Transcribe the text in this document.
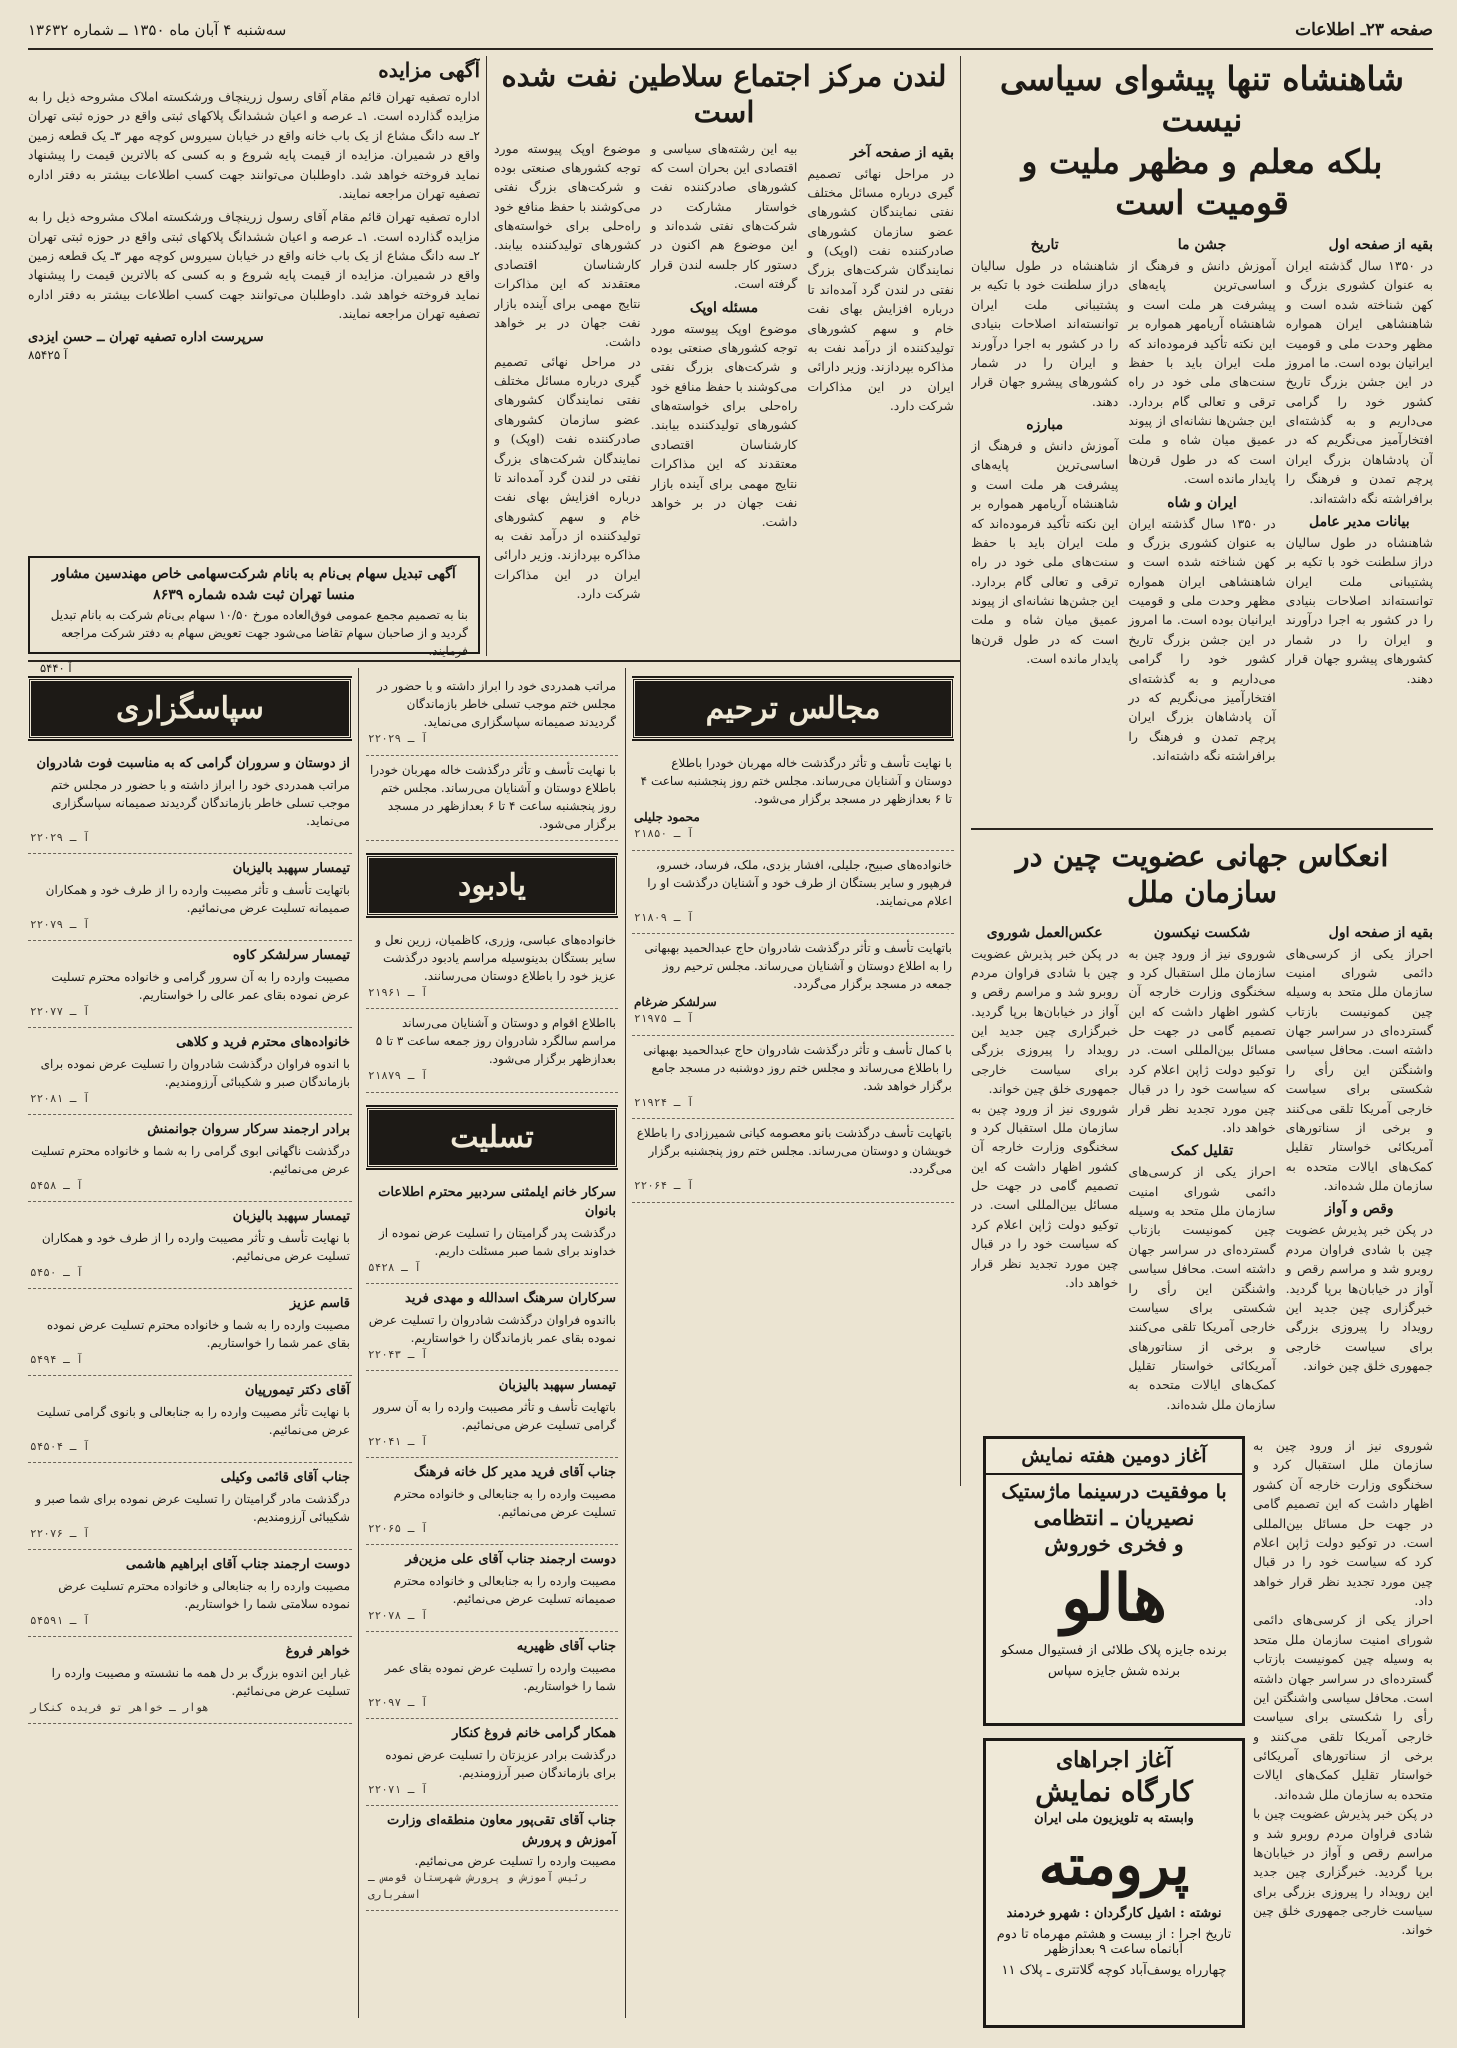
صفحه ۲۳ـ اطلاعات
سه‌شنبه ۴ آبان ماه ۱۳۵۰ ــ شماره ۱۳۶۳۲
شاهنشاه تنها پیشوای سیاسی نیست
بلکه معلم و مظهر ملیت و قومیت است
بقیه از صفحه اول
در ۱۳۵۰ سال گذشته ایران به عنوان کشوری بزرگ و کهن شناخته شده است و شاهنشاهی ایران همواره مظهر وحدت ملی و قومیت ایرانیان بوده است. ما امروز در این جشن بزرگ تاریخ کشور خود را گرامی می‌داریم و به گذشته‌ای افتخارآمیز می‌نگریم که در آن پادشاهان بزرگ ایران پرچم تمدن و فرهنگ را برافراشته نگه داشته‌اند.
بیانات مدیر عامل
شاهنشاه در طول سالیان دراز سلطنت خود با تکیه بر پشتیبانی ملت ایران توانسته‌اند اصلاحات بنیادی را در کشور به اجرا درآورند و ایران را در شمار کشورهای پیشرو جهان قرار دهند.
جشن ما
آموزش دانش و فرهنگ از اساسی‌ترین پایه‌های پیشرفت هر ملت است و شاهنشاه آریامهر همواره بر این نکته تأکید فرموده‌اند که ملت ایران باید با حفظ سنت‌های ملی خود در راه ترقی و تعالی گام بردارد. این جشن‌ها نشانه‌ای از پیوند عمیق میان شاه و ملت است که در طول قرن‌ها پایدار مانده است.
ایران و شاه
در ۱۳۵۰ سال گذشته ایران به عنوان کشوری بزرگ و کهن شناخته شده است و شاهنشاهی ایران همواره مظهر وحدت ملی و قومیت ایرانیان بوده است. ما امروز در این جشن بزرگ تاریخ کشور خود را گرامی می‌داریم و به گذشته‌ای افتخارآمیز می‌نگریم که در آن پادشاهان بزرگ ایران پرچم تمدن و فرهنگ را برافراشته نگه داشته‌اند.
تاریخ
شاهنشاه در طول سالیان دراز سلطنت خود با تکیه بر پشتیبانی ملت ایران توانسته‌اند اصلاحات بنیادی را در کشور به اجرا درآورند و ایران را در شمار کشورهای پیشرو جهان قرار دهند.
مبارزه
آموزش دانش و فرهنگ از اساسی‌ترین پایه‌های پیشرفت هر ملت است و شاهنشاه آریامهر همواره بر این نکته تأکید فرموده‌اند که ملت ایران باید با حفظ سنت‌های ملی خود در راه ترقی و تعالی گام بردارد. این جشن‌ها نشانه‌ای از پیوند عمیق میان شاه و ملت است که در طول قرن‌ها پایدار مانده است.
انعکاس جهانی عضویت چین در سازمان ملل
بقیه از صفحه اول
احراز یکی از کرسی‌های دائمی شورای امنیت سازمان ملل متحد به وسیله چین کمونیست بازتاب گسترده‌ای در سراسر جهان داشته است. محافل سیاسی واشنگتن این رأی را شکستی برای سیاست خارجی آمریکا تلقی می‌کنند و برخی از سناتورهای آمریکائی خواستار تقلیل کمک‌های ایالات متحده به سازمان ملل شده‌اند.
وقص و آواز
در پکن خبر پذیرش عضویت چین با شادی فراوان مردم روبرو شد و مراسم رقص و آواز در خیابان‌ها برپا گردید. خبرگزاری چین جدید این رویداد را پیروزی بزرگی برای سیاست خارجی جمهوری خلق چین خواند.
شکست نیکسون
شوروی نیز از ورود چین به سازمان ملل استقبال کرد و سخنگوی وزارت خارجه آن کشور اظهار داشت که این تصمیم گامی در جهت حل مسائل بین‌المللی است. در توکیو دولت ژاپن اعلام کرد که سیاست خود را در قبال چین مورد تجدید نظر قرار خواهد داد.
تقلیل کمک
احراز یکی از کرسی‌های دائمی شورای امنیت سازمان ملل متحد به وسیله چین کمونیست بازتاب گسترده‌ای در سراسر جهان داشته است. محافل سیاسی واشنگتن این رأی را شکستی برای سیاست خارجی آمریکا تلقی می‌کنند و برخی از سناتورهای آمریکائی خواستار تقلیل کمک‌های ایالات متحده به سازمان ملل شده‌اند.
عکس‌العمل شوروی
در پکن خبر پذیرش عضویت چین با شادی فراوان مردم روبرو شد و مراسم رقص و آواز در خیابان‌ها برپا گردید. خبرگزاری چین جدید این رویداد را پیروزی بزرگی برای سیاست خارجی جمهوری خلق چین خواند.
شوروی نیز از ورود چین به سازمان ملل استقبال کرد و سخنگوی وزارت خارجه آن کشور اظهار داشت که این تصمیم گامی در جهت حل مسائل بین‌المللی است. در توکیو دولت ژاپن اعلام کرد که سیاست خود را در قبال چین مورد تجدید نظر قرار خواهد داد.
شوروی نیز از ورود چین به سازمان ملل استقبال کرد و سخنگوی وزارت خارجه آن کشور اظهار داشت که این تصمیم گامی در جهت حل مسائل بین‌المللی است. در توکیو دولت ژاپن اعلام کرد که سیاست خود را در قبال چین مورد تجدید نظر قرار خواهد داد.
احراز یکی از کرسی‌های دائمی شورای امنیت سازمان ملل متحد به وسیله چین کمونیست بازتاب گسترده‌ای در سراسر جهان داشته است. محافل سیاسی واشنگتن این رأی را شکستی برای سیاست خارجی آمریکا تلقی می‌کنند و برخی از سناتورهای آمریکائی خواستار تقلیل کمک‌های ایالات متحده به سازمان ملل شده‌اند.
در پکن خبر پذیرش عضویت چین با شادی فراوان مردم روبرو شد و مراسم رقص و آواز در خیابان‌ها برپا گردید. خبرگزاری چین جدید این رویداد را پیروزی بزرگی برای سیاست خارجی جمهوری خلق چین خواند.
آغاز دومین هفته نمایش
با موفقیت درسینما ماژستیک
نصیریان ـ انتظامی
و فخری خوروش
هالو
برنده جایزه پلاک طلائی از فستیوال مسکو
برنده شش جایزه سپاس
آغاز اجراهای
کارگاه نمایش
وابسته به تلویزیون ملی ایران
پرومته
نوشته : اشیل کارگردان : شهرو خردمند
تاریخ اجرا : از بیست و هشتم مهرماه تا دوم آبانماه ساعت ۹ بعدازظهر
چهارراه یوسف‌آباد کوچه گلاتتری ـ پلاک ۱۱
لندن مرکز اجتماع سلاطین نفت شده است
بقیه از صفحه آخر
در مراحل نهائی تصمیم گیری درباره مسائل مختلف نفتی نمایندگان کشورهای عضو سازمان کشورهای صادرکننده نفت (اوپک) و نمایندگان شرکت‌های بزرگ نفتی در لندن گرد آمده‌اند تا درباره افزایش بهای نفت خام و سهم کشورهای تولیدکننده از درآمد نفت به مذاکره بپردازند. وزیر دارائی ایران در این مذاکرات شرکت دارد.
بیه این رشته‌های سیاسی و اقتصادی این بحران است که کشورهای صادرکننده نفت خواستار مشارکت در شرکت‌های نفتی شده‌اند و این موضوع هم اکنون در دستور کار جلسه لندن قرار گرفته است.
مسئله اوپک
موضوع اوپک پیوسته مورد توجه کشورهای صنعتی بوده و شرکت‌های بزرگ نفتی می‌کوشند با حفظ منافع خود راه‌حلی برای خواسته‌های کشورهای تولیدکننده بیابند. کارشناسان اقتصادی معتقدند که این مذاکرات نتایج مهمی برای آینده بازار نفت جهان در بر خواهد داشت.
موضوع اوپک پیوسته مورد توجه کشورهای صنعتی بوده و شرکت‌های بزرگ نفتی می‌کوشند با حفظ منافع خود راه‌حلی برای خواسته‌های کشورهای تولیدکننده بیابند. کارشناسان اقتصادی معتقدند که این مذاکرات نتایج مهمی برای آینده بازار نفت جهان در بر خواهد داشت.
در مراحل نهائی تصمیم گیری درباره مسائل مختلف نفتی نمایندگان کشورهای عضو سازمان کشورهای صادرکننده نفت (اوپک) و نمایندگان شرکت‌های بزرگ نفتی در لندن گرد آمده‌اند تا درباره افزایش بهای نفت خام و سهم کشورهای تولیدکننده از درآمد نفت به مذاکره بپردازند. وزیر دارائی ایران در این مذاکرات شرکت دارد.
آگهی مزایده
اداره تصفیه تهران قائم مقام آقای رسول زرینچاف ورشکسته املاک مشروحه ذیل را به مزایده گذارده است. ۱ـ عرصه و اعیان ششدانگ پلاکهای ثبتی واقع در حوزه ثبتی تهران ۲ـ سه دانگ مشاع از یک باب خانه واقع در خیابان سیروس کوچه مهر ۳ـ یک قطعه زمین واقع در شمیران. مزایده از قیمت پایه شروع و به کسی که بالاترین قیمت را پیشنهاد نماید فروخته خواهد شد. داوطلبان می‌توانند جهت کسب اطلاعات بیشتر به دفتر اداره تصفیه تهران مراجعه نمایند.
اداره تصفیه تهران قائم مقام آقای رسول زرینچاف ورشکسته املاک مشروحه ذیل را به مزایده گذارده است. ۱ـ عرصه و اعیان ششدانگ پلاکهای ثبتی واقع در حوزه ثبتی تهران ۲ـ سه دانگ مشاع از یک باب خانه واقع در خیابان سیروس کوچه مهر ۳ـ یک قطعه زمین واقع در شمیران. مزایده از قیمت پایه شروع و به کسی که بالاترین قیمت را پیشنهاد نماید فروخته خواهد شد. داوطلبان می‌توانند جهت کسب اطلاعات بیشتر به دفتر اداره تصفیه تهران مراجعه نمایند.
سرپرست اداره تصفیه تهران ــ حسن ایزدی
آ ۸۵۴۲۵
آگهی تبدیل سهام بی‌نام به بانام شرکت‌سهامی خاص مهندسین مشاور منسا تهران ثبت شده شماره ۸۶۳۹
بنا به تصمیم مجمع عمومی فوق‌العاده مورخ ۱۰/۵۰ سهام بی‌نام شرکت به بانام تبدیل گردید و از صاحبان سهام تقاضا می‌شود جهت تعویض سهام به دفتر شرکت مراجعه فرمایند.
آ ۵۴۴۰
مجالس ترحیم
با نهایت تأسف و تأثر درگذشت خاله مهربان خودرا باطلاع دوستان و آشنایان می‌رساند. مجلس ختم روز پنجشنبه ساعت ۴ تا ۶ بعدازظهر در مسجد برگزار می‌شود.
محمود جلیلی
آ ـ ۲۱۸۵۰
خانواده‌های صبیح، جلیلی، افشار بزدی، ملک، فرساد، خسرو، فرهپور و سایر بستگان از طرف خود و آشنایان درگذشت او را اعلام می‌نمایند.
آ ـ ۲۱۸۰۹
باتهایت تأسف و تأثر درگذشت شادروان حاج عبدالحمید بهبهانی را به اطلاع دوستان و آشنایان می‌رساند. مجلس ترحیم روز جمعه در مسجد برگزار می‌گردد.
سرلشکر ضرغام
آ ـ ۲۱۹۷۵
با کمال تأسف و تأثر درگذشت شادروان حاج عبدالحمید بهبهانی را باطلاع می‌رساند و مجلس ختم روز دوشنبه در مسجد جامع برگزار خواهد شد.
آ ـ ۲۱۹۲۴
باتهایت تأسف درگذشت بانو معصومه کیانی شمیرزادی را باطلاع خویشان و دوستان می‌رساند. مجلس ختم روز پنجشنبه برگزار می‌گردد.
آ ـ ۲۲۰۶۴
مراتب همدردی خود را ابراز داشته و با حضور در مجلس ختم موجب تسلی خاطر بازماندگان گردیدند صمیمانه سپاسگزاری می‌نماید.
آ ـ ۲۲۰۲۹
با نهایت تأسف و تأثر درگذشت خاله مهربان خودرا باطلاع دوستان و آشنایان می‌رساند. مجلس ختم روز پنجشنبه ساعت ۴ تا ۶ بعدازظهر در مسجد برگزار می‌شود.
یادبود
خانواده‌های عباسی، وزری، کاظمیان، زرین نعل و سایر بستگان بدینوسیله مراسم یادبود درگذشت عزیز خود را باطلاع دوستان می‌رسانند.
آ ـ ۲۱۹۶۱
بااطلاع اقوام و دوستان و آشنایان می‌رساند مراسم سالگرد شادروان روز جمعه ساعت ۳ تا ۵ بعدازظهر برگزار می‌شود.
آ ـ ۲۱۸۷۹
تسلیت
سرکار خانم ایلمثنی سردبیر محترم اطلاعات بانوان
درگذشت پدر گرامیتان را تسلیت عرض نموده از خداوند برای شما صبر مسئلت داریم.
آ ـ ۵۴۲۸
سرکاران سرهنگ اسدالله و مهدی فرید
بااندوه فراوان درگذشت شادروان را تسلیت عرض نموده بقای عمر بازماندگان را خواستاریم.
آ ـ ۲۲۰۴۳
تیمسار سپهبد بالیزبان
باتهایت تأسف و تأثر مصیبت وارده را به آن سرور گرامی تسلیت عرض می‌نمائیم.
آ ـ ۲۲۰۴۱
جناب آقای فرید مدیر کل خانه فرهنگ
مصیبت وارده را به جنابعالی و خانواده محترم تسلیت عرض می‌نمائیم.
آ ـ ۲۲۰۶۵
دوست ارجمند جناب آقای علی مزین‌فر
مصیبت وارده را به جنابعالی و خانواده محترم صمیمانه تسلیت عرض می‌نمائیم.
آ ـ ۲۲۰۷۸
جناب آقای ظهیریه
مصیبت وارده را تسلیت عرض نموده بقای عمر شما را خواستاریم.
آ ـ ۲۲۰۹۷
همکار گرامی خانم فروغ کنکار
درگذشت برادر عزیزتان را تسلیت عرض نموده برای بازماندگان صبر آرزومندیم.
آ ـ ۲۲۰۷۱
جناب آقای تقی‌پور معاون منطقه‌ای وزارت آموزش و پرورش
مصیبت وارده را تسلیت عرض می‌نمائیم.
رئیس آموزش و پرورش شهرستان قومس ـ اسفرباری
سپاسگزاری
از دوستان و سروران گرامی که به مناسبت فوت شادروان
مراتب همدردی خود را ابراز داشته و با حضور در مجلس ختم موجب تسلی خاطر بازماندگان گردیدند صمیمانه سپاسگزاری می‌نماید.
آ ـ ۲۲۰۲۹
تیمسار سپهبد بالیزبان
باتهایت تأسف و تأثر مصیبت وارده را از طرف خود و همکاران صمیمانه تسلیت عرض می‌نمائیم.
آ ـ ۲۲۰۷۹
تیمسار سرلشکر کاوه
مصیبت وارده را به آن سرور گرامی و خانواده محترم تسلیت عرض نموده بقای عمر عالی را خواستاریم.
آ ـ ۲۲۰۷۷
خانواده‌های محترم فرید و کلاهی
با اندوه فراوان درگذشت شادروان را تسلیت عرض نموده برای بازماندگان صبر و شکیبائی آرزومندیم.
آ ـ ۲۲۰۸۱
برادر ارجمند سرکار سروان جوانمنش
درگذشت ناگهانی ابوی گرامی را به شما و خانواده محترم تسلیت عرض می‌نمائیم.
آ ـ ۵۴۵۸
تیمسار سپهبد بالیزبان
با نهایت تأسف و تأثر مصیبت وارده را از طرف خود و همکاران تسلیت عرض می‌نمائیم.
آ ـ ۵۴۵۰
قاسم عزیز
مصیبت وارده را به شما و خانواده محترم تسلیت عرض نموده بقای عمر شما را خواستاریم.
آ ـ ۵۴۹۴
آقای دکتر تیمورپیان
با نهایت تأثر مصیبت وارده را به جنابعالی و بانوی گرامی تسلیت عرض می‌نمائیم.
آ ـ ۵۴۵۰۴
جناب آقای قائمی وکیلی
درگذشت مادر گرامیتان را تسلیت عرض نموده برای شما صبر و شکیبائی آرزومندیم.
آ ـ ۲۲۰۷۶
دوست ارجمند جناب آقای ابراهیم هاشمی
مصیبت وارده را به جنابعالی و خانواده محترم تسلیت عرض نموده سلامتی شما را خواستاریم.
آ ـ ۵۴۵۹۱
خواهر فروغ
غبار این اندوه بزرگ بر دل همه ما نشسته و مصیبت وارده را تسلیت عرض می‌نمائیم.
هوار ـ خواهر تو فریده کنکار
